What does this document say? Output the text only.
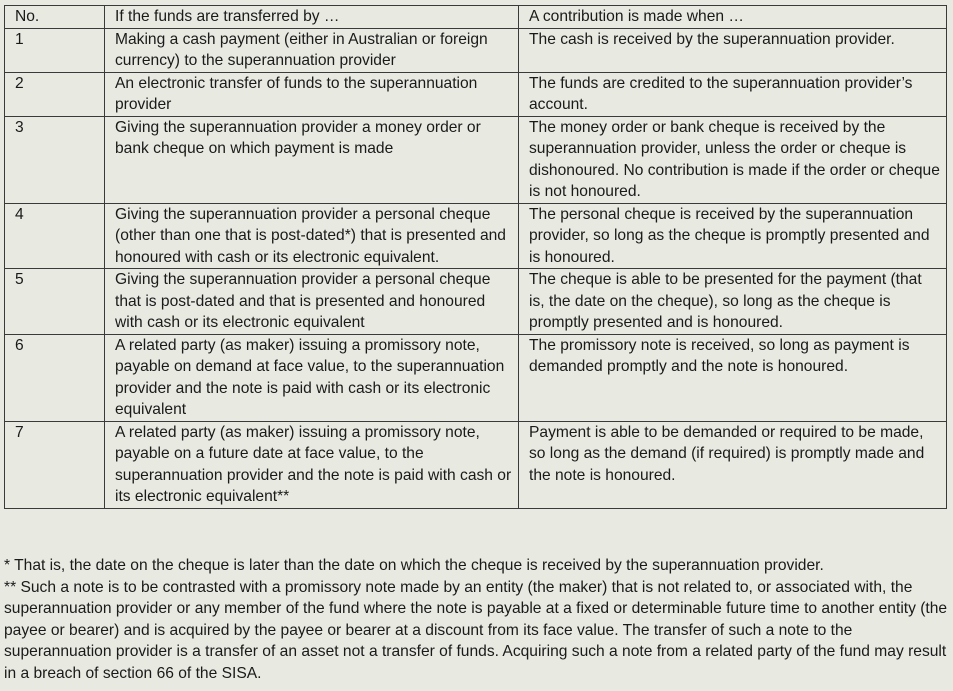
No.	If the funds are transferred by …	A contribution is made when …
1	Making a cash payment (either in Australian or foreign currency) to the superannuation provider	The cash is received by the superannuation provider.
2	An electronic transfer of funds to the superannuation provider	The funds are credited to the superannuation provider’s account.
3	Giving the superannuation provider a money order or bank cheque on which payment is made	The money order or bank cheque is received by the superannuation provider, unless the order or cheque is dishonoured. No contribution is made if the order or cheque is not honoured.
4	Giving the superannuation provider a personal cheque (other than one that is post-dated*) that is presented and honoured with cash or its electronic equivalent.	The personal cheque is received by the superannuation provider, so long as the cheque is promptly presented and is honoured.
5	Giving the superannuation provider a personal cheque that is post-dated and that is presented and honoured with cash or its electronic equivalent	The cheque is able to be presented for the payment (that is, the date on the cheque), so long as the cheque is promptly presented and is honoured.
6	A related party (as maker) issuing a promissory note, payable on demand at face value, to the superannuation provider and the note is paid with cash or its electronic equivalent	The promissory note is received, so long as payment is demanded promptly and the note is honoured.
7	A related party (as maker) issuing a promissory note, payable on a future date at face value, to the superannuation provider and the note is paid with cash or its electronic equivalent**	Payment is able to be demanded or required to be made, so long as the demand (if required) is promptly made and the note is honoured.

* That is, the date on the cheque is later than the date on which the cheque is received by the superannuation provider.

** Such a note is to be contrasted with a promissory note made by an entity (the maker) that is not related to, or associated with, the superannuation provider or any member of the fund where the note is payable at a fixed or determinable future time to another entity (the payee or bearer) and is acquired by the payee or bearer at a discount from its face value. The transfer of such a note to the superannuation provider is a transfer of an asset not a transfer of funds. Acquiring such a note from a related party of the fund may result in a breach of section 66 of the SISA.
